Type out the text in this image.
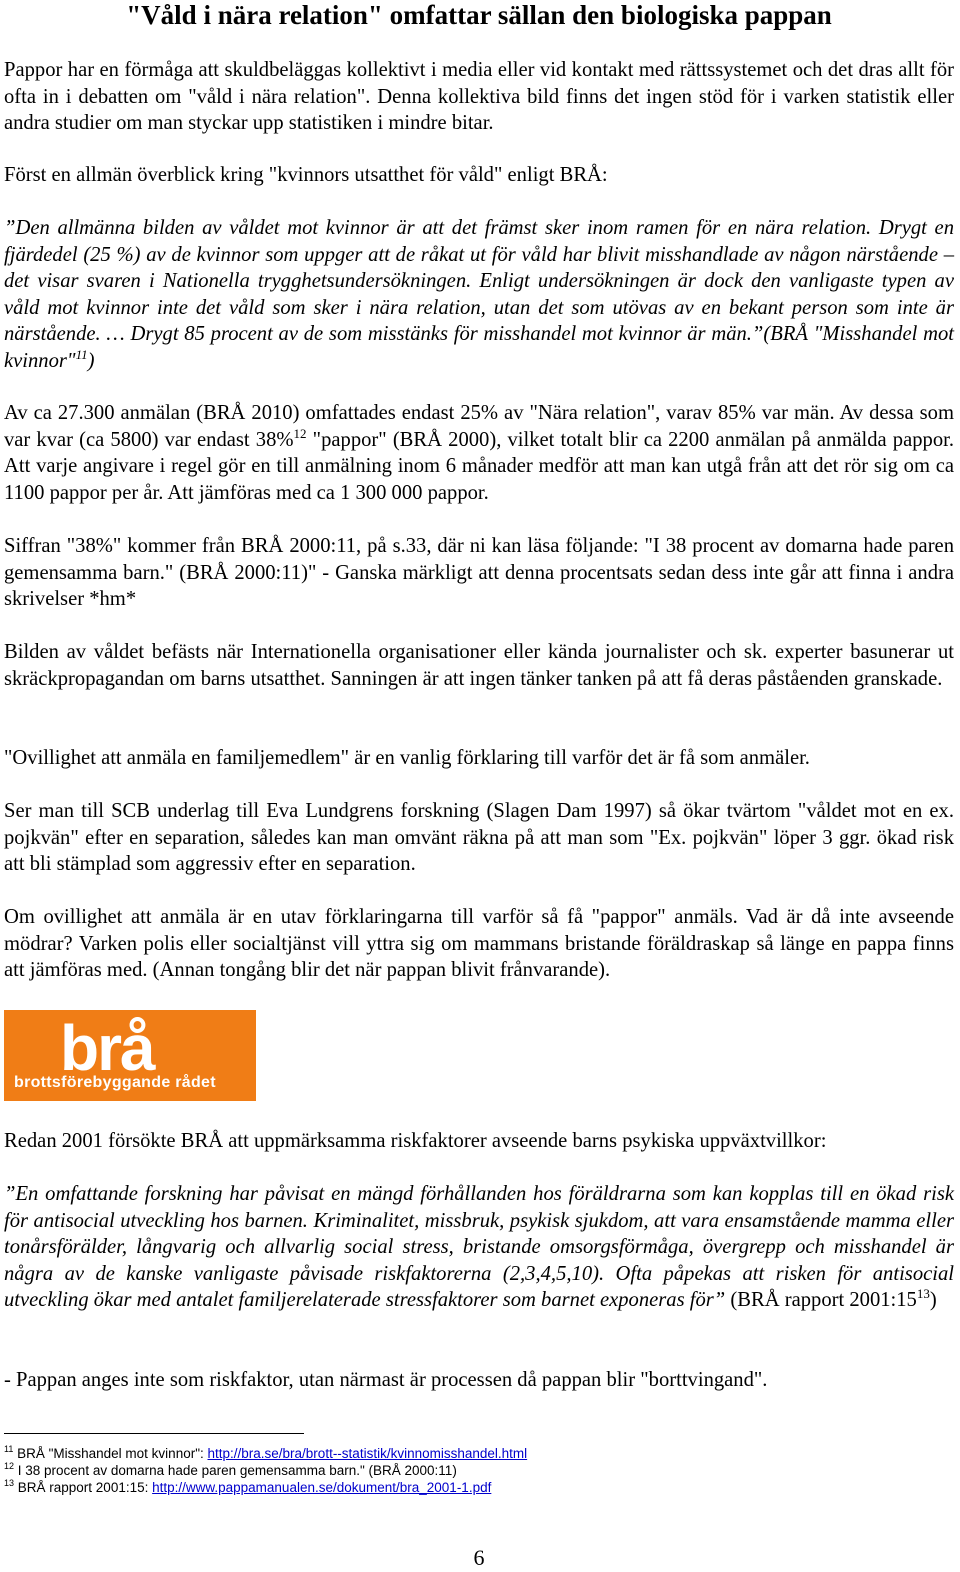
"Våld i nära relation" omfattar sällan den biologiska pappan

Pappor har en förmåga att skuldbeläggas kollektivt i media eller vid kontakt med rättssystemet och det dras allt för ofta in i debatten om "våld i nära relation". Denna kollektiva bild finns det ingen stöd för i varken statistik eller andra studier om man styckar upp statistiken i mindre bitar.

Först en allmän överblick kring "kvinnors utsatthet för våld" enligt BRÅ:

”Den allmänna bilden av våldet mot kvinnor är att det främst sker inom ramen för en nära relation. Drygt en fjärdedel (25 %) av de kvinnor som uppger att de råkat ut för våld har blivit misshandlade av någon närstående – det visar svaren i Nationella trygghetsundersökningen. Enligt undersökningen är dock den vanligaste typen av våld mot kvinnor inte det våld som sker i nära relation, utan det som utövas av en bekant person som inte är närstående. … Drygt 85 procent av de som misstänks för misshandel mot kvinnor är män.”(BRÅ "Misshandel mot kvinnor"$^{11}$)

Av ca 27.300 anmälan (BRÅ 2010) omfattades endast 25% av "Nära relation", varav 85% var män. Av dessa som var kvar (ca 5800) var endast 38%$^{12}$ "pappor" (BRÅ 2000), vilket totalt blir ca 2200 anmälan på anmälda pappor. Att varje angivare i regel gör en till anmälning inom 6 månader medför att man kan utgå från att det rör sig om ca 1100 pappor per år. Att jämföras med ca 1 300 000 pappor.

Siffran "38%" kommer från BRÅ 2000:11, på s.33, där ni kan läsa följande: "I 38 procent av domarna hade paren gemensamma barn." (BRÅ 2000:11)" - Ganska märkligt att denna procentsats sedan dess inte går att finna i andra skrivelser *hm*

Bilden av våldet befästs när Internationella organisationer eller kända journalister och sk. experter basunerar ut skräckpropagandan om barns utsatthet. Sanningen är att ingen tänker tanken på att få deras påståenden granskade.

"Ovillighet att anmäla en familjemedlem" är en vanlig förklaring till varför det är få som anmäler.

Ser man till SCB underlag till Eva Lundgrens forskning (Slagen Dam 1997) så ökar tvärtom "våldet mot en ex. pojkvän" efter en separation, således kan man omvänt räkna på att man som "Ex. pojkvän" löper 3 ggr. ökad risk att bli stämplad som aggressiv efter en separation.

Om ovillighet att anmäla är en utav förklaringarna till varför så få "pappor" anmäls. Vad är då inte avseende mödrar? Varken polis eller socialtjänst vill yttra sig om mammans bristande föräldraskap så länge en pappa finns att jämföras med. (Annan tongång blir det när pappan blivit frånvarande).

brå
brottsförebyggande rådet

Redan 2001 försökte BRÅ att uppmärksamma riskfaktorer avseende barns psykiska uppväxtvillkor:

”En omfattande forskning har påvisat en mängd förhållanden hos föräldrarna som kan kopplas till en ökad risk för antisocial utveckling hos barnen. Kriminalitet, missbruk, psykisk sjukdom, att vara ensamstående mamma eller tonårsförälder, långvarig och allvarlig social stress, bristande omsorgsförmåga, övergrepp och misshandel är några av de kanske vanligaste påvisade riskfaktorerna (2,3,4,5,10). Ofta påpekas att risken för antisocial utveckling ökar med antalet familjerelaterade stressfaktorer som barnet exponeras för” (BRÅ rapport $2001:15^{13}$)

- Pappan anges inte som riskfaktor, utan närmast är processen då pappan blir "borttvingand".

$^{11}$ BRÅ "Misshandel mot kvinnor": http://bra.se/bra/brott--statistik/kvinnomisshandel.html
$^{12}$ I 38 procent av domarna hade paren gemensamma barn." (BRÅ 2000:11)
$^{13}$ BRÅ rapport 2001:15: http://www.pappamanualen.se/dokument/bra_2001-1.pdf
6
